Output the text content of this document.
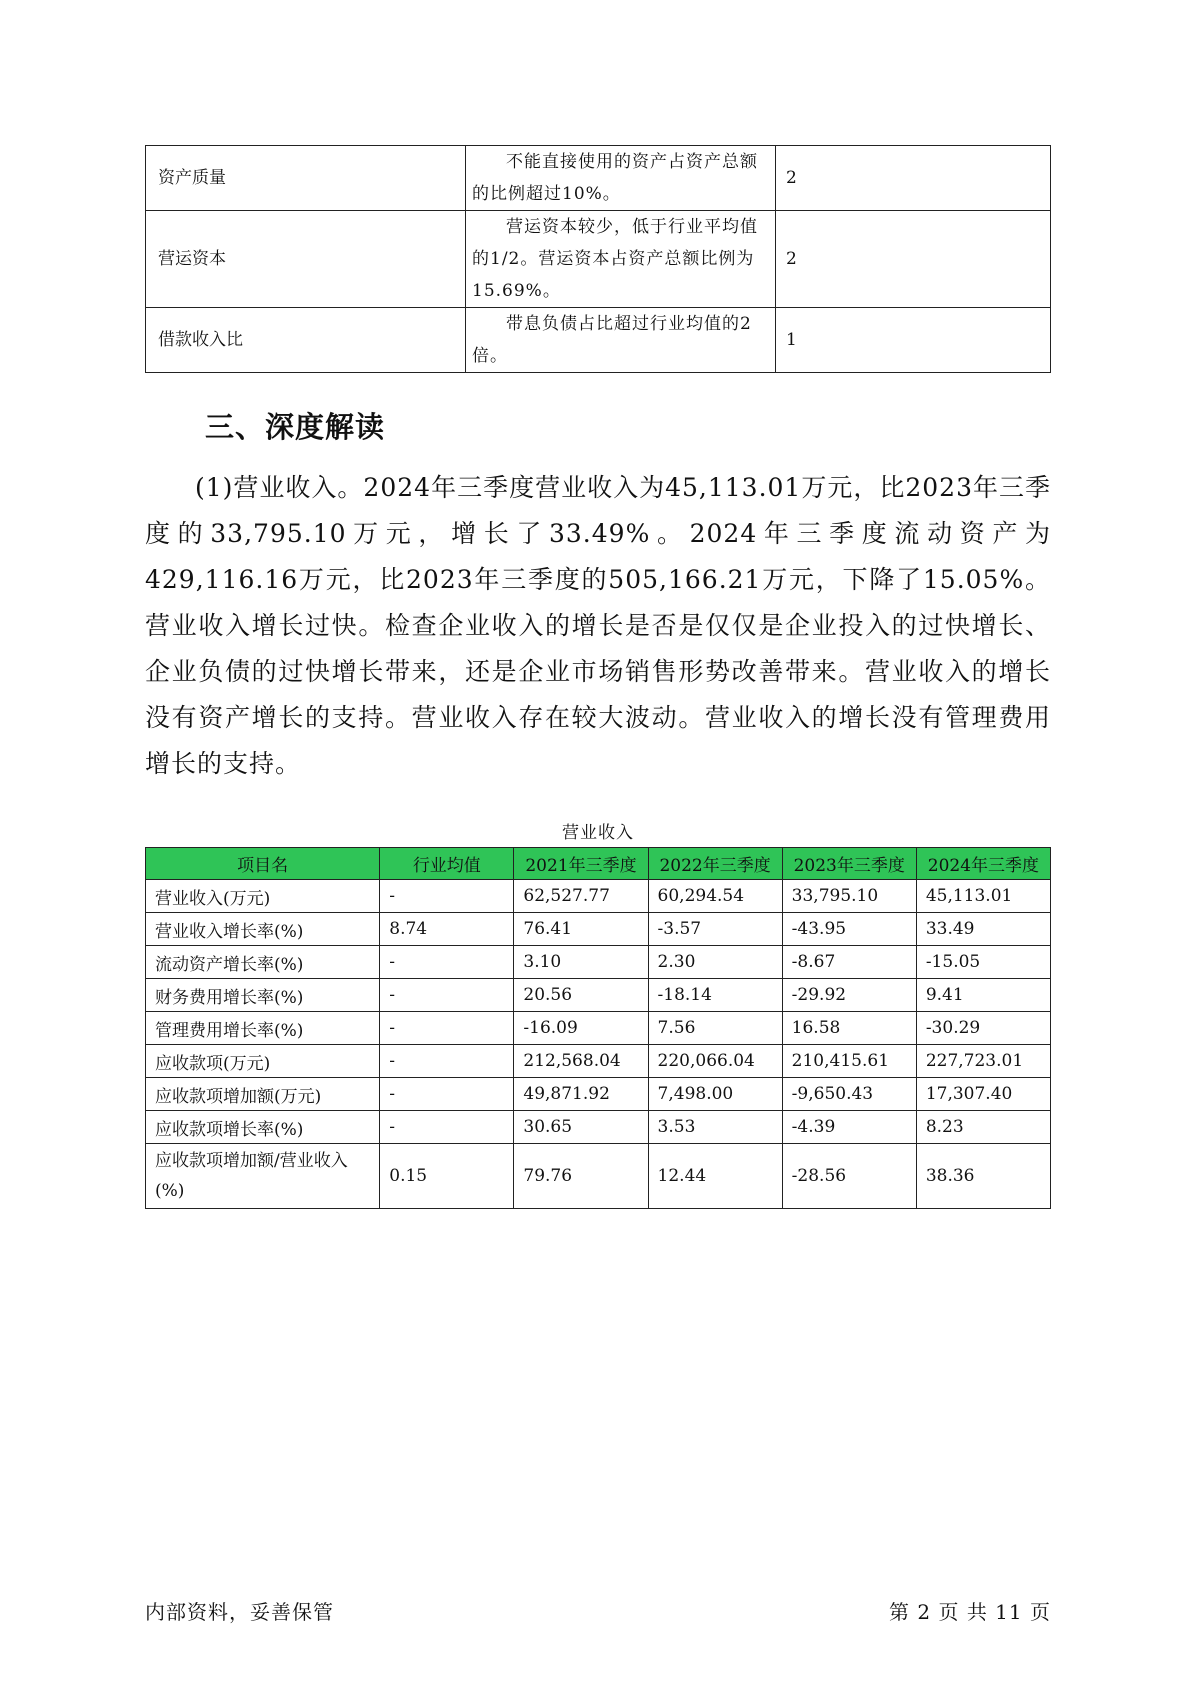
资产质量	不能直接使用的资产占资产总额的比例超过10%。	2
营运资本	营运资本较少，低于行业平均值的1/2。营运资本占资产总额比例为15.69%。	2
借款收入比	带息负债占比超过行业均值的2倍。	1
三、深度解读

(1)营业收入。2024年三季度营业收入为45,113.01万元，比2023年三季度的33,795.10万元，增长了33.49%。2024年三季度流动资产为429,116.16万元，比2023年三季度的505,166.21万元，下降了15.05%。营业收入增长过快。检查企业收入的增长是否是仅仅是企业投入的过快增长、企业负债的过快增长带来，还是企业市场销售形势改善带来。营业收入的增长没有资产增长的支持。营业收入存在较大波动。营业收入的增长没有管理费用增长的支持。

营业收入
项目名	行业均值	2021年三季度	2022年三季度	2023年三季度	2024年三季度
营业收入(万元)	-	62,527.77	60,294.54	33,795.10	45,113.01
营业收入增长率(%)	8.74	76.41	-3.57	-43.95	33.49
流动资产增长率(%)	-	3.10	2.30	-8.67	-15.05
财务费用增长率(%)	-	20.56	-18.14	-29.92	9.41
管理费用增长率(%)	-	-16.09	7.56	16.58	-30.29
应收款项(万元)	-	212,568.04	220,066.04	210,415.61	227,723.01
应收款项增加额(万元)	-	49,871.92	7,498.00	-9,650.43	17,307.40
应收款项增长率(%)	-	30.65	3.53	-4.39	8.23
应收款项增加额/营业收入(%)	0.15	79.76	12.44	-28.56	38.36
内部资料，妥善保管	第 2 页 共 11 页
